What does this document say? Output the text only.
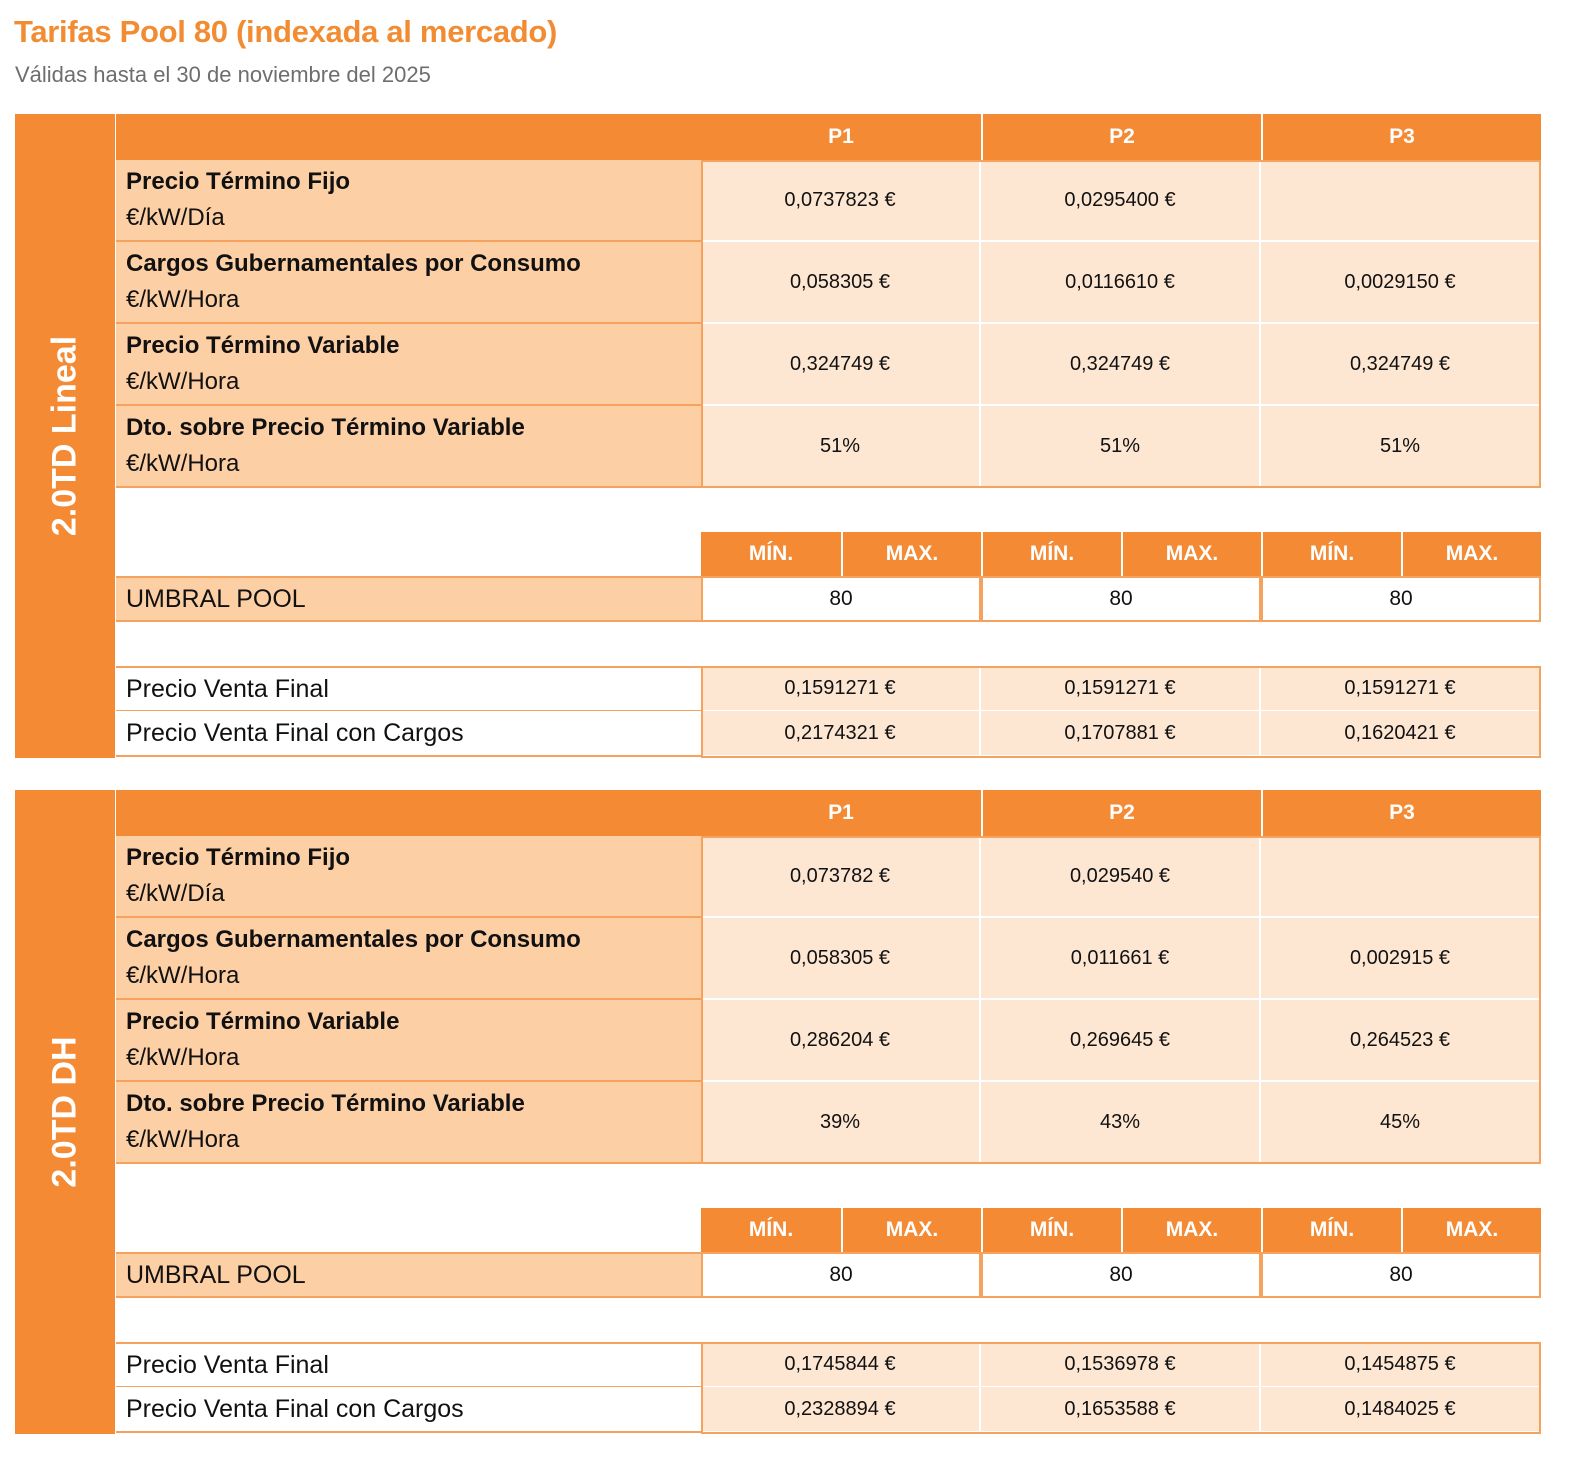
Tarifas Pool 80 (indexada al mercado)
Válidas hasta el 30 de noviembre del 2025
2.0TD Lineal
P1	P2	P3
Precio Término Fijo
€/kW/Día
0,0737823 €	0,0295400 €
Cargos Gubernamentales por Consumo
€/kW/Hora
0,058305 €	0,0116610 €	0,0029150 €
Precio Término Variable
€/kW/Hora
0,324749 €	0,324749 €	0,324749 €
Dto. sobre Precio Término Variable
€/kW/Hora
51%	51%	51%
MÍN.	MAX.	MÍN.	MAX.	MÍN.	MAX.
UMBRAL POOL	80	80	80
Precio Venta Final	0,1591271 €	0,1591271 €	0,1591271 €
Precio Venta Final con Cargos	0,2174321 €	0,1707881 €	0,1620421 €
2.0TD DH
P1	P2	P3
Precio Término Fijo
€/kW/Día
0,073782 €	0,029540 €
Cargos Gubernamentales por Consumo
€/kW/Hora
0,058305 €	0,011661 €	0,002915 €
Precio Término Variable
€/kW/Hora
0,286204 €	0,269645 €	0,264523 €
Dto. sobre Precio Término Variable
€/kW/Hora
39%	43%	45%
MÍN.	MAX.	MÍN.	MAX.	MÍN.	MAX.
UMBRAL POOL	80	80	80
Precio Venta Final	0,1745844 €	0,1536978 €	0,1454875 €
Precio Venta Final con Cargos	0,2328894 €	0,1653588 €	0,1484025 €
